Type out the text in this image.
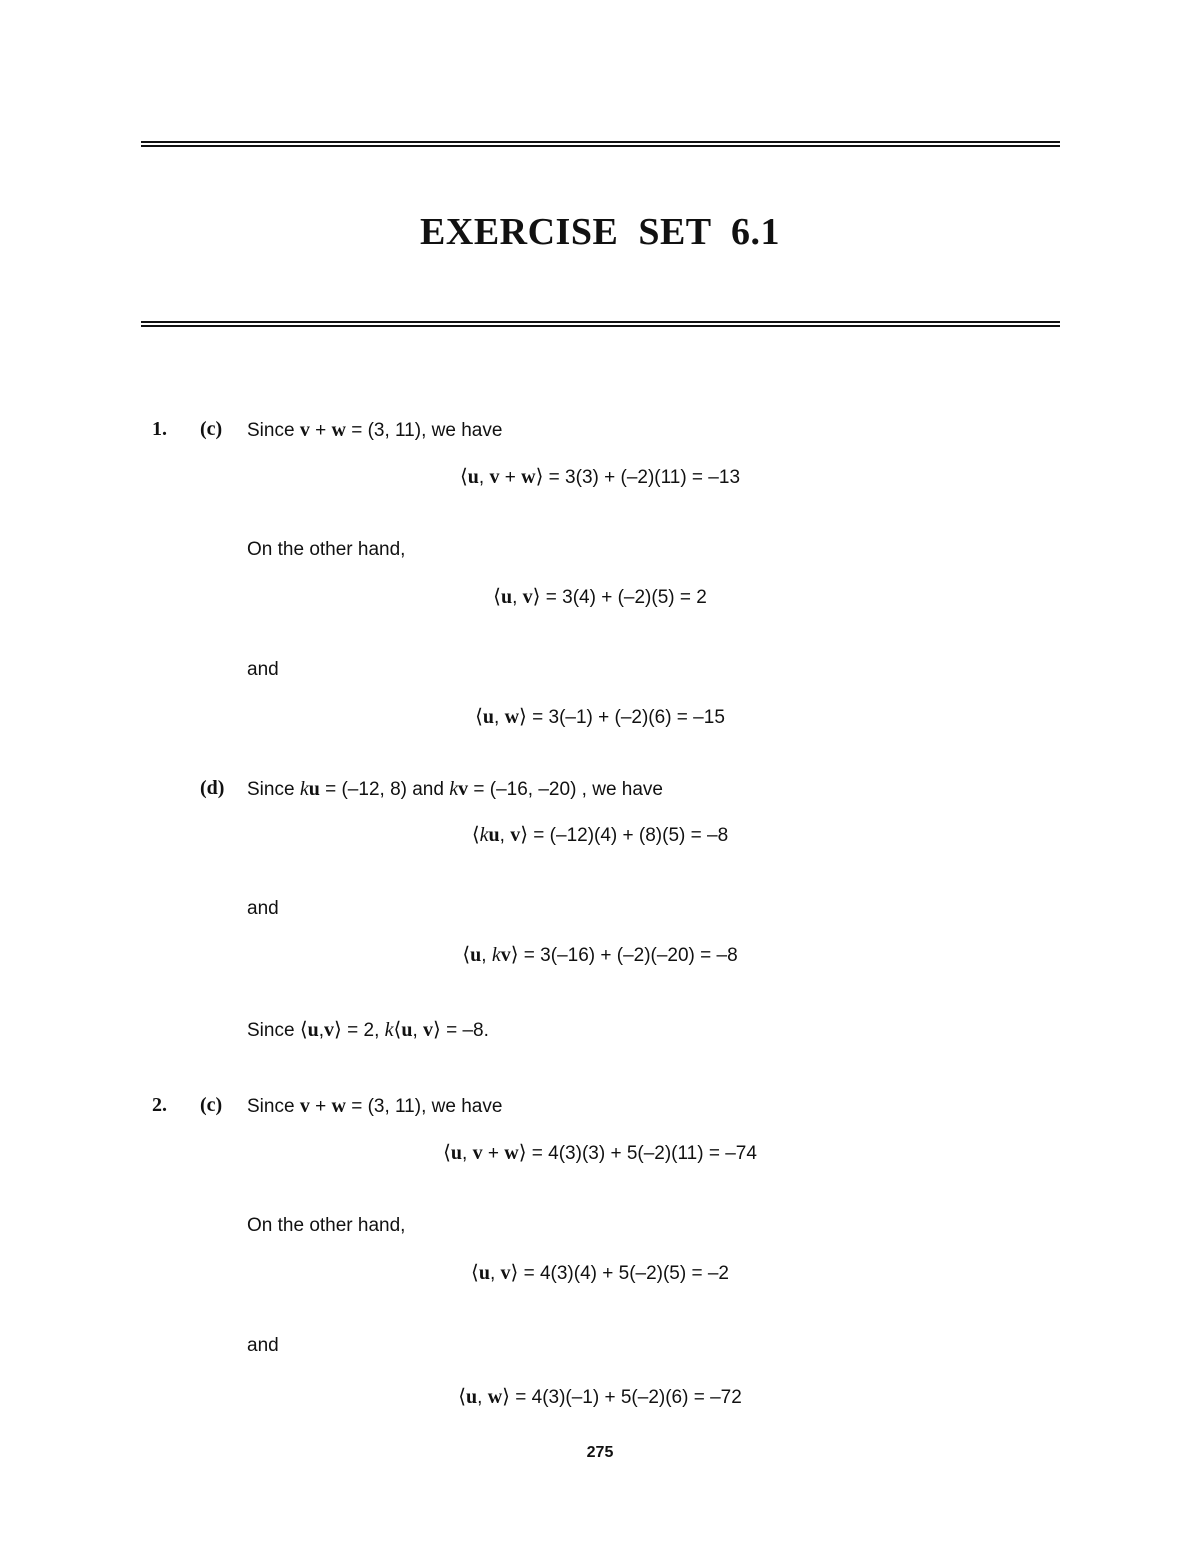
EXERCISE SET 6.1
1. (c) Since v + w = (3, 11), we have
⟨u, v + w⟩ = 3(3) + (–2)(11) = –13
On the other hand,
⟨u, v⟩ = 3(4) + (–2)(5) = 2
and
⟨u, w⟩ = 3(–1) + (–2)(6) = –15
(d) Since ku = (–12, 8) and kv = (–16, –20) , we have
⟨ku, v⟩ = (–12)(4) + (8)(5) = –8
and
⟨u, kv⟩ = 3(–16) + (–2)(–20) = –8
Since ⟨u,v⟩ = 2, k⟨u, v⟩ = –8.
2. (c) Since v + w = (3, 11), we have
⟨u, v + w⟩ = 4(3)(3) + 5(–2)(11) = –74
On the other hand,
⟨u, v⟩ = 4(3)(4) + 5(–2)(5) = –2
and
⟨u, w⟩ = 4(3)(–1) + 5(–2)(6) = –72
275
